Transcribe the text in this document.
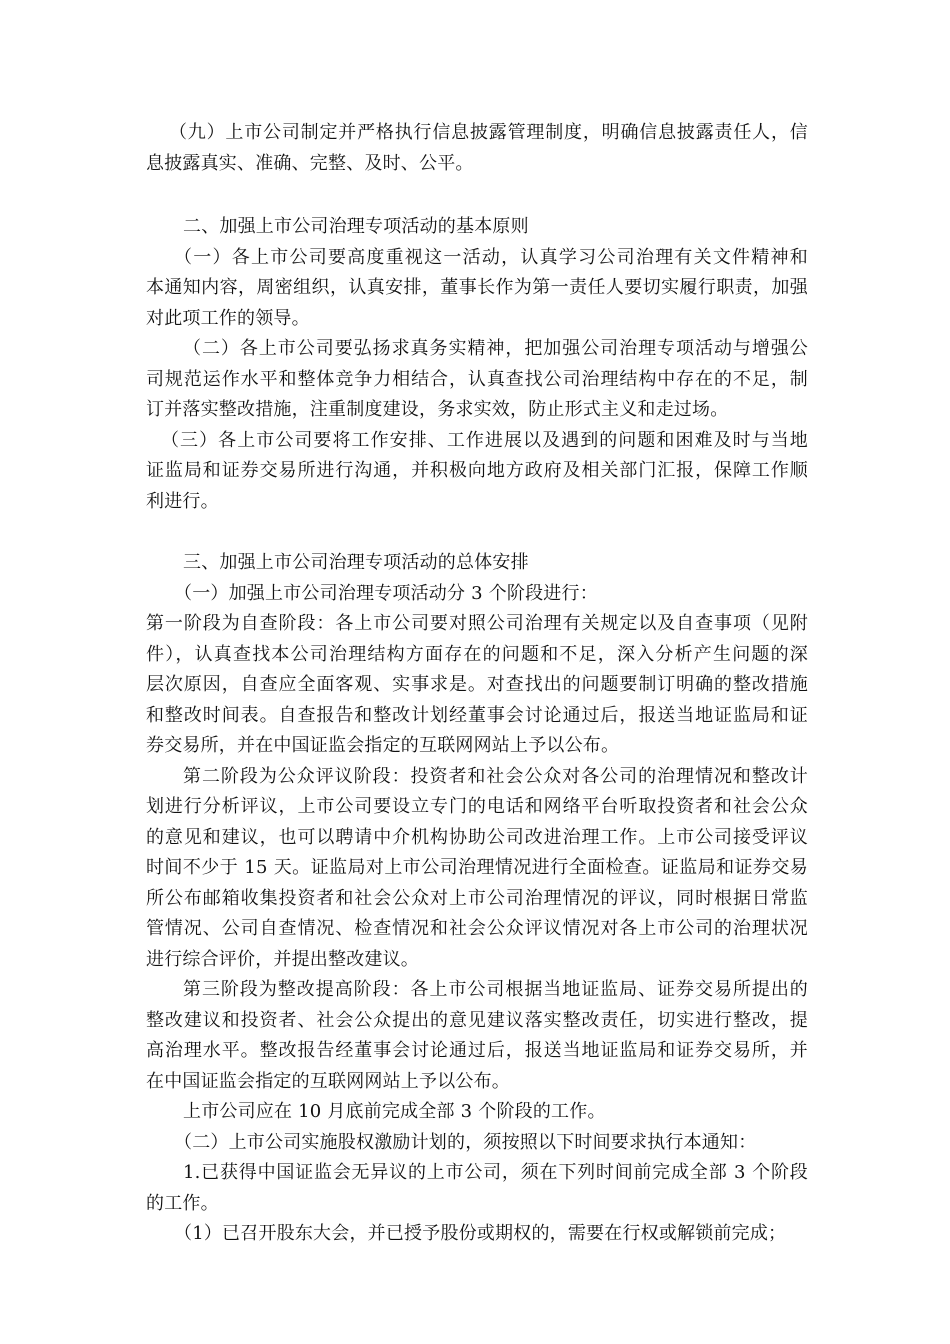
（九）上市公司制定并严格执行信息披露管理制度，明确信息披露责任人，信
息披露真实、准确、完整、及时、公平。
二、加强上市公司治理专项活动的基本原则
（一）各上市公司要高度重视这一活动，认真学习公司治理有关文件精神和
本通知内容，周密组织，认真安排，董事长作为第一责任人要切实履行职责，加强
对此项工作的领导。
（二）各上市公司要弘扬求真务实精神，把加强公司治理专项活动与增强公
司规范运作水平和整体竞争力相结合，认真查找公司治理结构中存在的不足，制
订并落实整改措施，注重制度建设，务求实效，防止形式主义和走过场。
（三）各上市公司要将工作安排、工作进展以及遇到的问题和困难及时与当地
证监局和证券交易所进行沟通，并积极向地方政府及相关部门汇报，保障工作顺
利进行。
三、加强上市公司治理专项活动的总体安排
（一）加强上市公司治理专项活动分 3 个阶段进行：
第一阶段为自查阶段：各上市公司要对照公司治理有关规定以及自查事项（见附
件），认真查找本公司治理结构方面存在的问题和不足，深入分析产生问题的深
层次原因，自查应全面客观、实事求是。对查找出的问题要制订明确的整改措施
和整改时间表。自查报告和整改计划经董事会讨论通过后，报送当地证监局和证
券交易所，并在中国证监会指定的互联网网站上予以公布。
第二阶段为公众评议阶段：投资者和社会公众对各公司的治理情况和整改计
划进行分析评议，上市公司要设立专门的电话和网络平台听取投资者和社会公众
的意见和建议，也可以聘请中介机构协助公司改进治理工作。上市公司接受评议
时间不少于 15 天。证监局对上市公司治理情况进行全面检查。证监局和证券交易
所公布邮箱收集投资者和社会公众对上市公司治理情况的评议，同时根据日常监
管情况、公司自查情况、检查情况和社会公众评议情况对各上市公司的治理状况
进行综合评价，并提出整改建议。
第三阶段为整改提高阶段：各上市公司根据当地证监局、证券交易所提出的
整改建议和投资者、社会公众提出的意见建议落实整改责任，切实进行整改，提
高治理水平。整改报告经董事会讨论通过后，报送当地证监局和证券交易所，并
在中国证监会指定的互联网网站上予以公布。
上市公司应在 10 月底前完成全部 3 个阶段的工作。
（二）上市公司实施股权激励计划的，须按照以下时间要求执行本通知：
1.已获得中国证监会无异议的上市公司，须在下列时间前完成全部 3 个阶段
的工作。
（1）已召开股东大会，并已授予股份或期权的，需要在行权或解锁前完成；
